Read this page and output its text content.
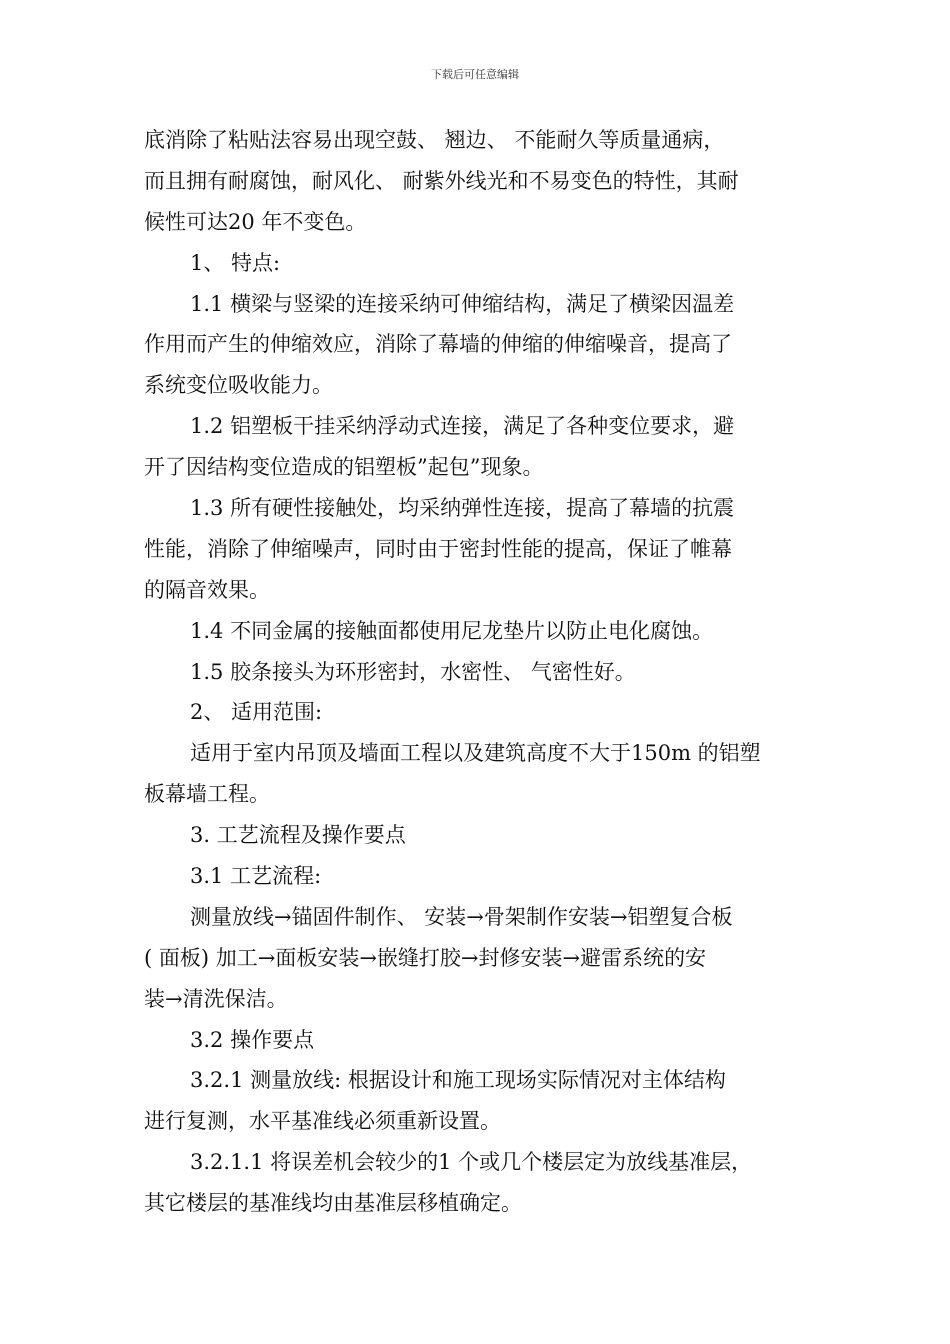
下载后可任意编辑
底消除了粘贴法容易出现空鼓、 翘边、 不能耐久等质量通病，
而且拥有耐腐蚀，耐风化、 耐紫外线光和不易变色的特性，其耐
候性可达20 年不变色。
1、 特点:
1.1 横梁与竖梁的连接采纳可伸缩结构，满足了横梁因温差
作用而产生的伸缩效应，消除了幕墙的伸缩的伸缩噪音，提高了
系统变位吸收能力。
1.2 铝塑板干挂采纳浮动式连接，满足了各种变位要求，避
开了因结构变位造成的铝塑板”起包”现象。
1.3 所有硬性接触处，均采纳弹性连接，提高了幕墙的抗震
性能，消除了伸缩噪声，同时由于密封性能的提高，保证了帷幕
的隔音效果。
1.4 不同金属的接触面都使用尼龙垫片以防止电化腐蚀。
1.5 胶条接头为环形密封，水密性、 气密性好。
2、 适用范围:
适用于室内吊顶及墙面工程以及建筑高度不大于150m 的铝塑
板幕墙工程。
3. 工艺流程及操作要点
3.1 工艺流程:
测量放线→锚固件制作、 安装→骨架制作安装→铝塑复合板
( 面板) 加工→面板安装→嵌缝打胶→封修安装→避雷系统的安
装→清洗保洁。
3.2 操作要点
3.2.1 测量放线: 根据设计和施工现场实际情况对主体结构
进行复测，水平基准线必须重新设置。
3.2.1.1 将误差机会较少的1 个或几个楼层定为放线基准层，
其它楼层的基准线均由基准层移植确定。
